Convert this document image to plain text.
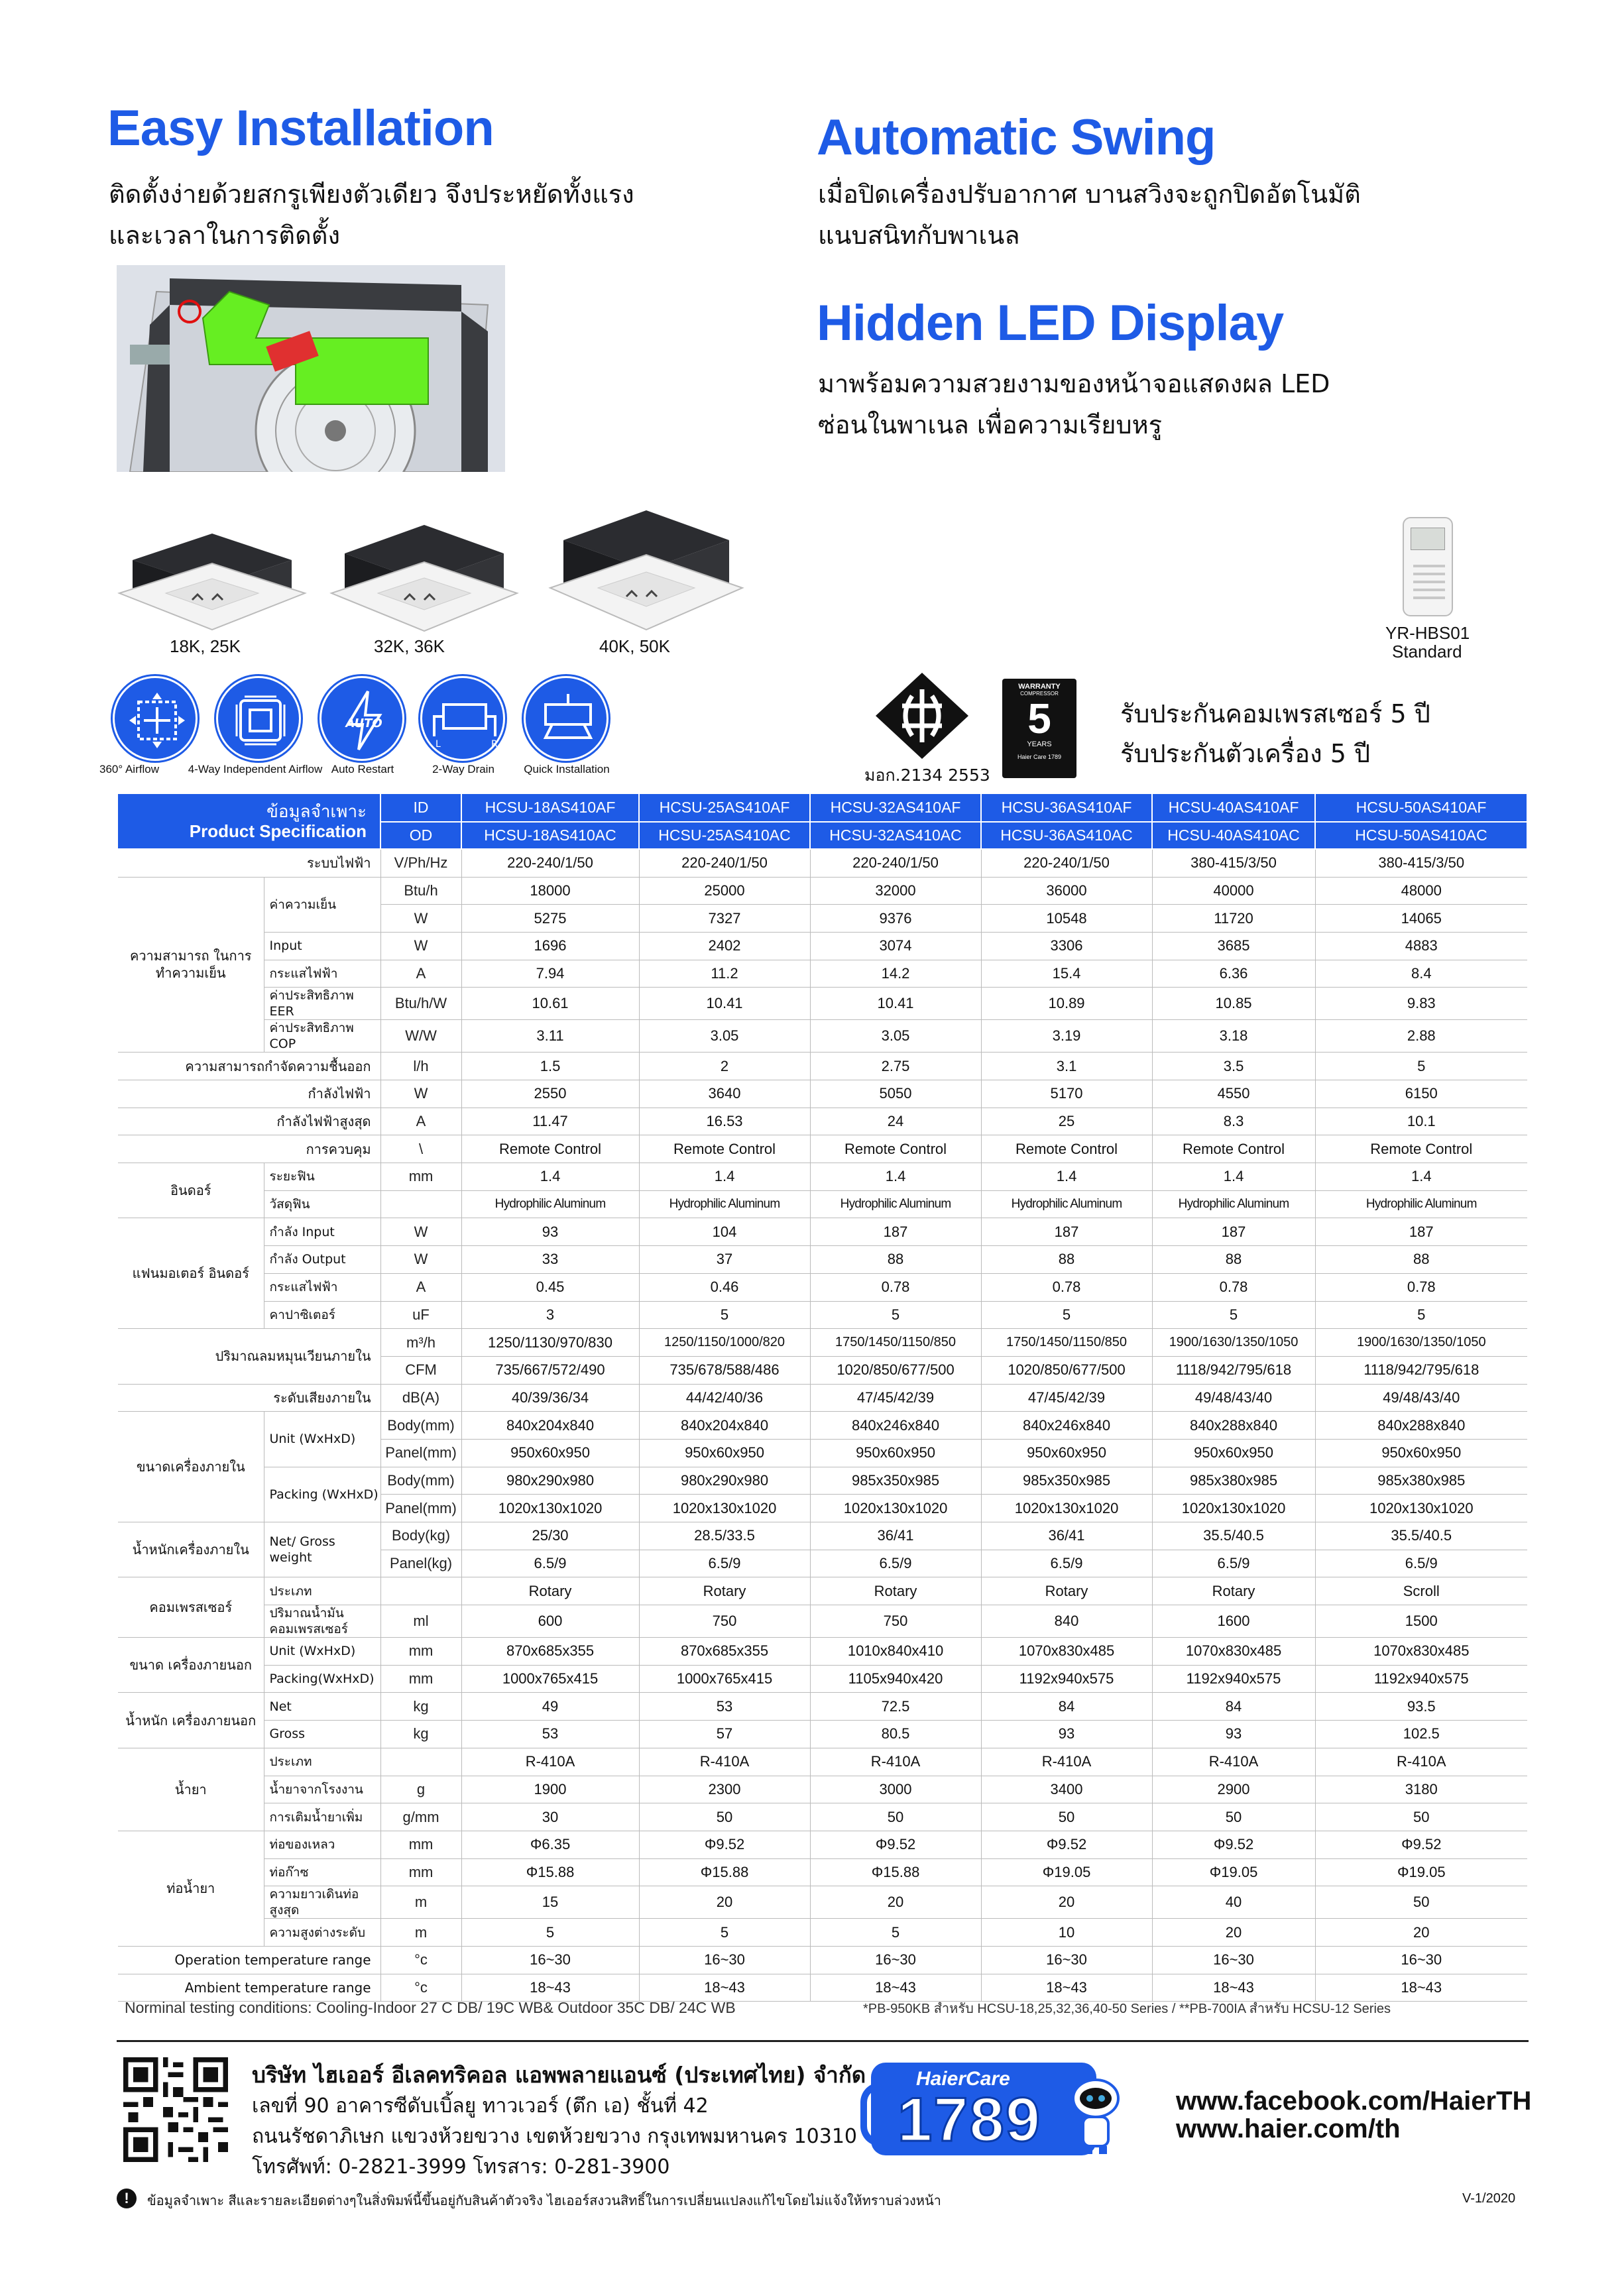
Easy Installation
ติดตั้งง่ายด้วยสกรูเพียงตัวเดียว จึงประหยัดทั้งแรง
และเวลาในการติดตั้ง
Automatic Swing
เมื่อปิดเครื่องปรับอากาศ บานสวิงจะถูกปิดอัตโนมัติ
แนบสนิทกับพาเนล
Hidden LED Display
มาพร้อมความสวยงามของหน้าจอแสดงผล LED
ซ่อนในพาเนล เพื่อความเรียบหรู
18K, 25K	32K, 36K	40K, 50K
YR-HBS01
Standard
360° Airflow	4-Way Independent Airflow
AUTO
Auto Restart
L	R
2-Way Drain	Quick Installation	มอก.2134 2553
WARRANTY
COMPRESSOR
5
YEARS
Haier Care 1789
รับประกันคอมเพรสเซอร์ 5 ปี
รับประกันตัวเครื่อง 5 ปี
ข้อมูลจำเพาะ
Product Specification		ID	HCSU-18AS410AF	HCSU-25AS410AF	HCSU-32AS410AF	HCSU-36AS410AF	HCSU-40AS410AF	HCSU-50AS410AF
		OD	HCSU-18AS410AC	HCSU-25AS410AC	HCSU-32AS410AC	HCSU-36AS410AC	HCSU-40AS410AC	HCSU-50AS410AC
ระบบไฟฟ้า		V/Ph/Hz	220-240/1/50	220-240/1/50	220-240/1/50	220-240/1/50	380-415/3/50	380-415/3/50
ความสามารถ ในการทำความเย็น	ค่าความเย็น	Btu/h	18000	25000	32000	36000	40000	48000
		W	5275	7327	9376	10548	11720	14065
	Input	W	1696	2402	3074	3306	3685	4883
	กระแสไฟฟ้า	A	7.94	11.2	14.2	15.4	6.36	8.4
	ค่าประสิทธิภาพ EER	Btu/h/W	10.61	10.41	10.41	10.89	10.85	9.83
	ค่าประสิทธิภาพ COP	W/W	3.11	3.05	3.05	3.19	3.18	2.88
ความสามารถกำจัดความชื้นออก		l/h	1.5	2	2.75	3.1	3.5	5
กำลังไฟฟ้า		W	2550	3640	5050	5170	4550	6150
กำลังไฟฟ้าสูงสุด		A	11.47	16.53	24	25	8.3	10.1
การควบคุม		\	Remote Control	Remote Control	Remote Control	Remote Control	Remote Control	Remote Control
อินดอร์	ระยะฟิน	mm	1.4	1.4	1.4	1.4	1.4	1.4
	วัสดุฟิน		Hydrophilic Aluminum	Hydrophilic Aluminum	Hydrophilic Aluminum	Hydrophilic Aluminum	Hydrophilic Aluminum	Hydrophilic Aluminum
แฟนมอเตอร์ อินดอร์	กำลัง Input	W	93	104	187	187	187	187
	กำลัง Output	W	33	37	88	88	88	88
	กระแสไฟฟ้า	A	0.45	0.46	0.78	0.78	0.78	0.78
	คาปาซิเตอร์	uF	3	5	5	5	5	5
ปริมาณลมหมุนเวียนภายใน		m³/h	1250/1130/970/830	1250/1150/1000/820	1750/1450/1150/850	1750/1450/1150/850	1900/1630/1350/1050	1900/1630/1350/1050
		CFM	735/667/572/490	735/678/588/486	1020/850/677/500	1020/850/677/500	1118/942/795/618	1118/942/795/618
ระดับเสียงภายใน		dB(A)	40/39/36/34	44/42/40/36	47/45/42/39	47/45/42/39	49/48/43/40	49/48/43/40
ขนาดเครื่องภายใน	Unit (WxHxD)	Body(mm)	840x204x840	840x204x840	840x246x840	840x246x840	840x288x840	840x288x840
		Panel(mm)	950x60x950	950x60x950	950x60x950	950x60x950	950x60x950	950x60x950
	Packing (WxHxD)	Body(mm)	980x290x980	980x290x980	985x350x985	985x350x985	985x380x985	985x380x985
		Panel(mm)	1020x130x1020	1020x130x1020	1020x130x1020	1020x130x1020	1020x130x1020	1020x130x1020
น้ำหนักเครื่องภายใน	Net/ Gross weight	Body(kg)	25/30	28.5/33.5	36/41	36/41	35.5/40.5	35.5/40.5
		Panel(kg)	6.5/9	6.5/9	6.5/9	6.5/9	6.5/9	6.5/9
คอมเพรสเซอร์	ประเภท		Rotary	Rotary	Rotary	Rotary	Rotary	Scroll
	ปริมาณน้ำมันคอมเพรสเซอร์	ml	600	750	750	840	1600	1500
ขนาด เครื่องภายนอก	Unit (WxHxD)	mm	870x685x355	870x685x355	1010x840x410	1070x830x485	1070x830x485	1070x830x485
	Packing(WxHxD)	mm	1000x765x415	1000x765x415	1105x940x420	1192x940x575	1192x940x575	1192x940x575
น้ำหนัก เครื่องภายนอก	Net	kg	49	53	72.5	84	84	93.5
	Gross	kg	53	57	80.5	93	93	102.5
น้ำยา	ประเภท		R-410A	R-410A	R-410A	R-410A	R-410A	R-410A
	น้ำยาจากโรงงาน	g	1900	2300	3000	3400	2900	3180
	การเติมน้ำยาเพิ่ม	g/mm	30	50	50	50	50	50
ท่อน้ำยา	ท่อของเหลว	mm	Φ6.35	Φ9.52	Φ9.52	Φ9.52	Φ9.52	Φ9.52
	ท่อก๊าซ	mm	Φ15.88	Φ15.88	Φ15.88	Φ19.05	Φ19.05	Φ19.05
	ความยาวเดินท่อสูงสุด	m	15	20	20	20	40	50
	ความสูงต่างระดับ	m	5	5	5	10	20	20
Operation temperature range		°c	16~30	16~30	16~30	16~30	16~30	16~30
Ambient temperature range		°c	18~43	18~43	18~43	18~43	18~43	18~43
Norminal testing conditions: Cooling-Indoor 27 C DB/ 19C WB& Outdoor 35C DB/ 24C WB	*PB-950KB สำหรับ HCSU-18,25,32,36,40-50 Series / **PB-700IA สำหรับ HCSU-12 Series
บริษัท ไฮเออร์ อีเลคทริคอล แอพพลายแอนซ์ (ประเทศไทย) จำกัด
เลขที่ 90 อาคารซีดับเบิ้ลยู ทาวเวอร์ (ตึก เอ) ชั้นที่ 42
ถนนรัชดาภิเษก แขวงห้วยขวาง เขตห้วยขวาง กรุงเทพมหานคร 10310
โทรศัพท์: 0-2821-3999 โทรสาร: 0-281-3900
HaierCare
1789	www.facebook.com/HaierTH
www.haier.com/th
!	ข้อมูลจำเพาะ สีและรายละเอียดต่างๆในสิ่งพิมพ์นี้ขึ้นอยู่กับสินค้าตัวจริง ไฮเออร์สงวนสิทธิ์ในการเปลี่ยนแปลงแก้ไขโดยไม่แจ้งให้ทราบล่วงหน้า	V-1/2020
